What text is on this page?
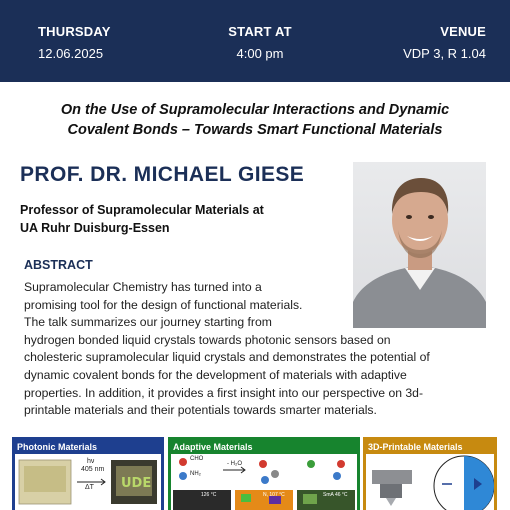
THURSDAY
12.06.2025
START AT
4:00 pm
VENUE
VDP 3, R 1.04
On the Use of Supramolecular Interactions and Dynamic
Covalent Bonds – Towards Smart Functional Materials
PROF. DR. MICHAEL GIESE
Professor of Supramolecular Materials at
UA Ruhr Duisburg-Essen
ABSTRACT
Supramolecular Chemistry has turned into a
promising tool for the design of functional materials.
The talk summarizes our journey starting from
hydrogen bonded liquid crystals towards photonic sensors based on
cholesteric supramolecular liquid crystals and demonstrates the potential of
dynamic covalent bonds for the development of materials with adaptive
properties. In addition, it provides a first insight into our perspective on 3d-
printable materials and their potentials towards smarter materials.
Photonic Materials
UDE
hν
405 nm
ΔT
Adaptive Materials
CHO
NH₂
- H₂O
126 °C	N, 107 °C	SmA 46 °C
3D-Printable Materials
